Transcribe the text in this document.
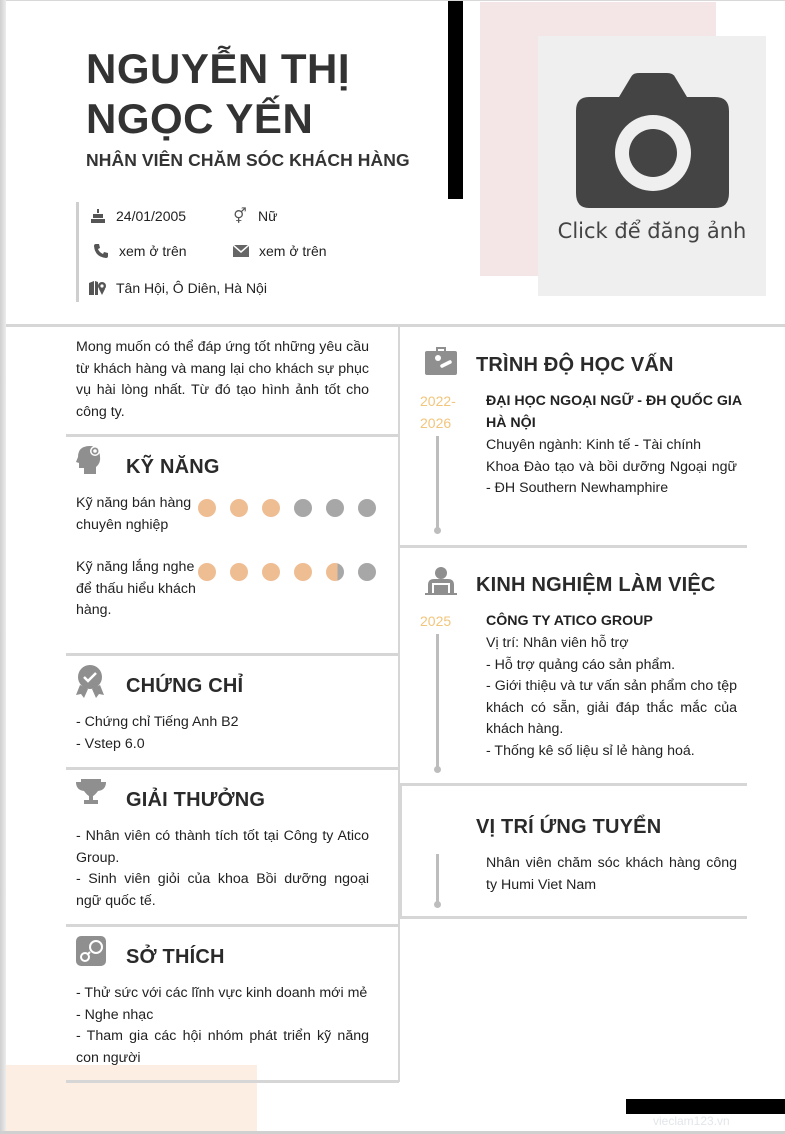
NGUYỄN THỊ NGỌC YẾN
NHÂN VIÊN CHĂM SÓC KHÁCH HÀNG
Click để đăng ảnh
24/01/2005	⚥ Nữ
xem ở trên	xem ở trên
Tân Hội, Ô Diên, Hà Nội
Mong muốn có thể đáp ứng tốt những yêu cầu từ khách hàng và mang lại cho khách sự phục vụ hài lòng nhất. Từ đó tạo hình ảnh tốt cho công ty.
KỸ NĂNG
Kỹ năng bán hàng chuyên nghiệp
Kỹ năng lắng nghe để thấu hiểu khách hàng.
CHỨNG CHỈ
- Chứng chỉ Tiếng Anh B2
- Vstep 6.0
GIẢI THƯỞNG
- Nhân viên có thành tích tốt tại Công ty Atico Group.
- Sinh viên giỏi của khoa Bồi dưỡng ngoại ngữ quốc tế.
SỞ THÍCH
- Thử sức với các lĩnh vực kinh doanh mới mẻ
- Nghe nhạc
- Tham gia các hội nhóm phát triển kỹ năng con người
TRÌNH ĐỘ HỌC VẤN
2022-
2026
ĐẠI HỌC NGOẠI NGỮ - ĐH QUỐC GIA HÀ NỘI
Chuyên ngành: Kinh tế - Tài chính
Khoa Đào tạo và bồi dưỡng Ngoại ngữ - ĐH Southern Newhamphire
KINH NGHIỆM LÀM VIỆC
2025 CÔNG TY ATICO GROUP
Vị trí: Nhân viên hỗ trợ
- Hỗ trợ quảng cáo sản phẩm.
- Giới thiệu và tư vấn sản phẩm cho tệp khách có sẵn, giải đáp thắc mắc của khách hàng.
- Thống kê số liệu sỉ lẻ hàng hoá.
VỊ TRÍ ỨNG TUYỂN
Nhân viên chăm sóc khách hàng công ty Humi Viet Nam
vieclam123.vn
